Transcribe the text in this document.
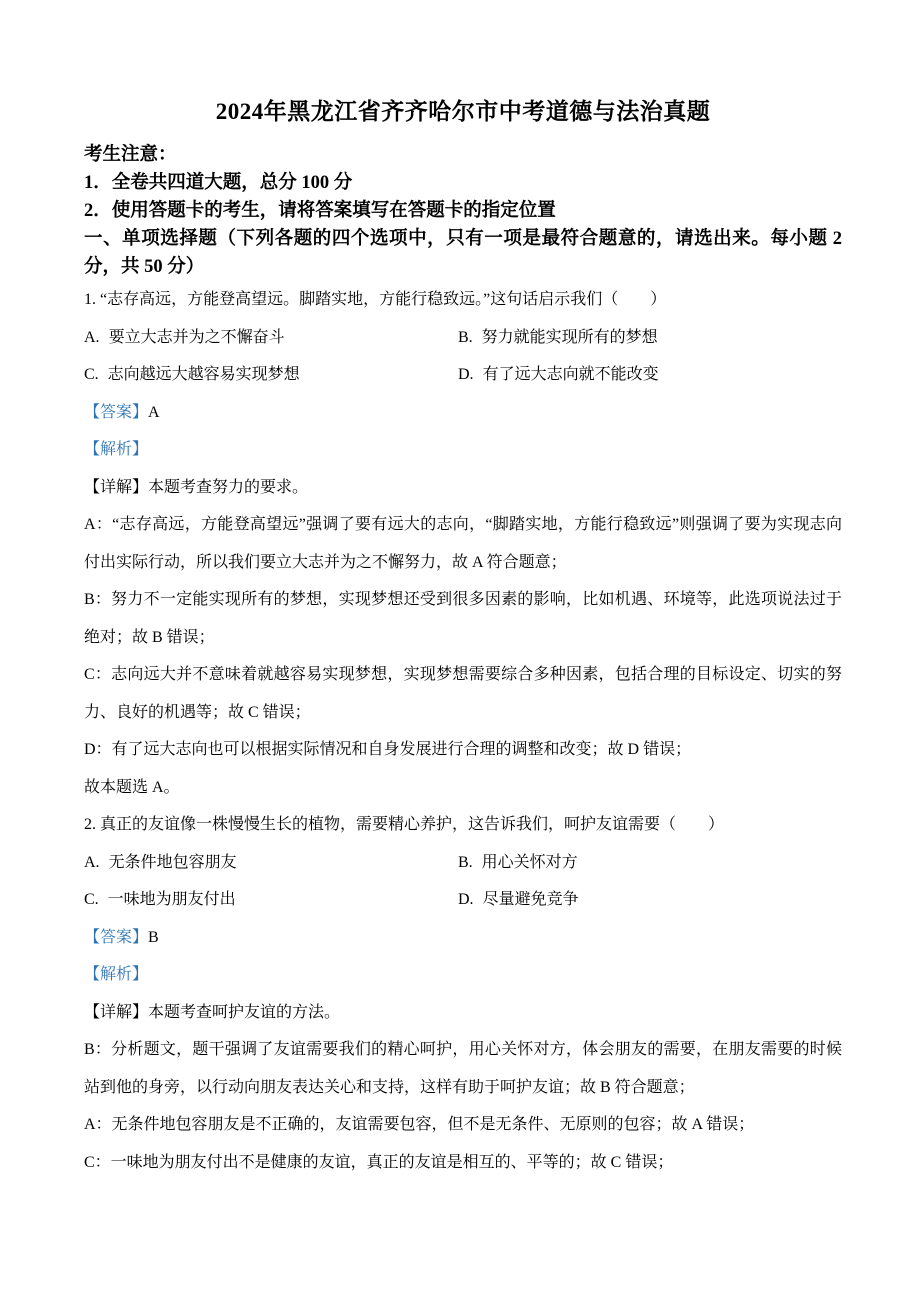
2024年黑龙江省齐齐哈尔市中考道德与法治真题

考生注意：

1．全卷共四道大题，总分 100 分

2．使用答题卡的考生，请将答案填写在答题卡的指定位置

一、单项选择题（下列各题的四个选项中，只有一项是最符合题意的，请选出来。每小题 2 分，共 50 分）

1. “志存高远，方能登高望远。脚踏实地，方能行稳致远。”这句话启示我们（　　）

A. 要立大志并为之不懈奋斗	B. 努力就能实现所有的梦想
C. 志向越远大越容易实现梦想	D. 有了远大志向就不能改变

【答案】A

【解析】

【详解】本题考查努力的要求。

A：“志存高远，方能登高望远”强调了要有远大的志向，“脚踏实地，方能行稳致远”则强调了要为实现志向付出实际行动，所以我们要立大志并为之不懈努力，故 A 符合题意；

B：努力不一定能实现所有的梦想，实现梦想还受到很多因素的影响，比如机遇、环境等，此选项说法过于绝对；故 B 错误；

C：志向远大并不意味着就越容易实现梦想，实现梦想需要综合多种因素，包括合理的目标设定、切实的努力、良好的机遇等；故 C 错误；

D：有了远大志向也可以根据实际情况和自身发展进行合理的调整和改变；故 D 错误；

故本题选 A。

2. 真正的友谊像一株慢慢生长的植物，需要精心养护，这告诉我们，呵护友谊需要（　　）

A. 无条件地包容朋友	B. 用心关怀对方
C. 一味地为朋友付出	D. 尽量避免竞争

【答案】B

【解析】

【详解】本题考查呵护友谊的方法。

B：分析题文，题干强调了友谊需要我们的精心呵护，用心关怀对方，体会朋友的需要，在朋友需要的时候站到他的身旁，以行动向朋友表达关心和支持，这样有助于呵护友谊；故 B 符合题意；

A：无条件地包容朋友是不正确的，友谊需要包容，但不是无条件、无原则的包容；故 A 错误；

C：一味地为朋友付出不是健康的友谊，真正的友谊是相互的、平等的；故 C 错误；
